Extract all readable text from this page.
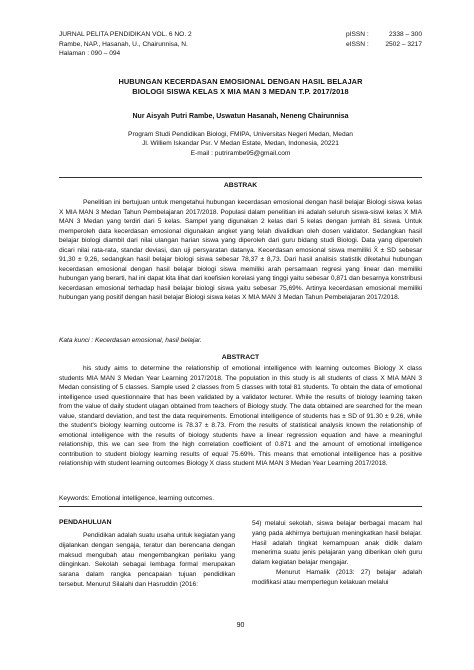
JURNAL PELITA PENDIDIKAN VOL. 6 NO. 2
Rambe, NAP., Hasanah, U., Chairunnisa, N.
Halaman : 090 – 094
pISSN :	2338 – 300
eISSN :	2502 – 3217
HUBUNGAN KECERDASAN EMOSIONAL DENGAN HASIL BELAJAR
BIOLOGI SISWA KELAS X MIA MAN 3 MEDAN T.P. 2017/2018
Nur Aisyah Putri Rambe, Uswatun Hasanah, Neneng Chairunnisa
Program Studi Pendidikan Biologi, FMIPA, Universitas Negeri Medan, Medan
Jl. Williem Iskandar Psr. V Medan Estate, Medan, Indonesia, 20221
E-mail : putrirambe95@gmail.com
ABSTRAK
Penelitian ini bertujuan untuk mengetahui hubungan kecerdasan emosional dengan hasil belajar Biologi siswa kelas X MIA MAN 3 Medan Tahun Pembelajaran 2017/2018. Populasi dalam penelitian ini adalah seluruh siswa-siswi kelas X MIA MAN 3 Medan yang terdiri dari 5 kelas. Sampel yang digunakan 2 kelas dari 5 kelas dengan jumlah 81 siswa. Untuk memperoleh data kecerdasan emosional digunakan angket yang telah divalidkan oleh dosen validator. Sedangkan hasil belajar biologi diambil dari nilai ulangan harian siswa yang diperoleh dari guru bidang studi Biologi. Data yang diperoleh dicari nilai rata-rata, standar deviasi, dan uji persyaratan datanya. Kecerdasan emosional siswa memiliki X̄ ± SD sebesar 91,30 ± 9,26, sedangkan hasil belajar biologi siswa sebesar 78,37 ± 8,73. Dari hasil analisis statistik diketahui hubungan kecerdasan emosional dengan hasil belajar biologi siswa memiliki arah persamaan regresi yang linear dan memiliki hubungan yang berarti, hal ini dapat kita lihat dari koefisien korelasi yang tinggi yaitu sebesar 0,871 dan besarnya konstribusi kecerdasan emosional terhadap hasil belajar biologi siswa yaitu sebesar 75,69%. Artinya kecerdasan emosional memiliki hubungan yang positif dengan hasil belajar Biologi siswa kelas X MIA MAN 3 Medan Tahun Pembelajaran 2017/2018.
Kata kunci : Kecerdasan emosional, hasil belajar.
ABSTRACT
his study aims to determine the relationship of emotional intelligence with learning outcomes Biology X class students MIA MAN 3 Medan Year Learning 2017/2018. The population in this study is all students of class X MIA MAN 3 Medan consisting of 5 classes. Sample used 2 classes from 5 classes with total 81 students. To obtain the data of emotional intelligence used questionnaire that has been validated by a validator lecturer. While the results of biology learning taken from the value of daily student ulagan obtained from teachers of Biology study. The data obtained are searched for the mean value, standard deviation, and test the data requirements. Emotional intelligence of students has ± SD of 91.30 ± 9.26, while the student's biology learning outcome is 78.37 ± 8.73. From the results of statistical analysis known the relationship of emotional intelligence with the results of biology students have a linear regression equation and have a meaningful relationship, this we can see from the high correlation coefficient of 0.871 and the amount of emotional intelligence contribution to student biology learning results of equal 75.69%. This means that emotional intelligence has a positive relationship with student learning outcomes Biology X class student MIA MAN 3 Medan Year Learning 2017/2018.
Keywords: Emotional intelligence, learning outcomes.
PENDAHULUAN
Pendidikan adalah suatu usaha untuk kegiatan yang dijalankan dengan sengaja, teratur dan berencana dengan maksud mengubah atau mengembangkan perilaku yang diinginkan. Sekolah sebagai lembaga formal merupakan sarana dalam rangka pencapaian tujuan pendidikan tersebut. Menurut Silalahi dan Hasruddin (2016:
54) melalui sekolah, siswa belajar berbagai macam hal yang pada akhirnya bertujuan meningkatkan hasil belajar. Hasil adalah tingkat kemampuan anak didik dalam menerima suatu jenis pelajaran yang diberikan oleh guru dalam kegiatan belajar mengajar.
Menurut Hamalik (2013: 27) belajar adalah modifikasi atau mempertegun kelakuan melalui
90
